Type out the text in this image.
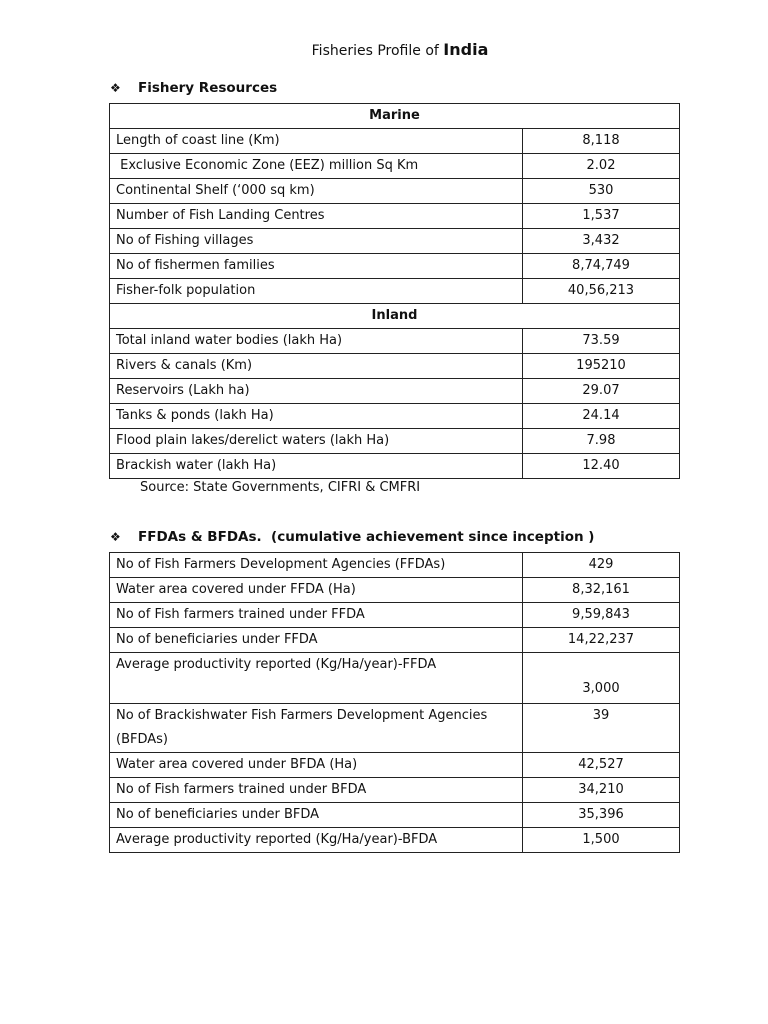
Fisheries Profile of India
❖ Fishery Resources
Marine	
Length of coast line (Km)	8,118
Exclusive Economic Zone (EEZ) million Sq Km	2.02
Continental Shelf (‘000 sq km)	530
Number of Fish Landing Centres	1,537
No of Fishing villages	3,432
No of fishermen families	8,74,749
Fisher-folk population	40,56,213
Inland	
Total inland water bodies (lakh Ha)	73.59
Rivers & canals (Km)	195210
Reservoirs (Lakh ha)	29.07
Tanks & ponds (lakh Ha)	24.14
Flood plain lakes/derelict waters (lakh Ha)	7.98
Brackish water (lakh Ha)	12.40
Source: State Governments, CIFRI & CMFRI
❖ FFDAs & BFDAs.  (cumulative achievement since inception )
No of Fish Farmers Development Agencies (FFDAs)	429
Water area covered under FFDA (Ha)	8,32,161
No of Fish farmers trained under FFDA	9,59,843
No of beneficiaries under FFDA	14,22,237
Average productivity reported (Kg/Ha/year)-FFDA	3,000
No of Brackishwater Fish Farmers Development Agencies (BFDAs)	39
Water area covered under BFDA (Ha)	42,527
No of Fish farmers trained under BFDA	34,210
No of beneficiaries under BFDA	35,396
Average productivity reported (Kg/Ha/year)-BFDA	1,500
